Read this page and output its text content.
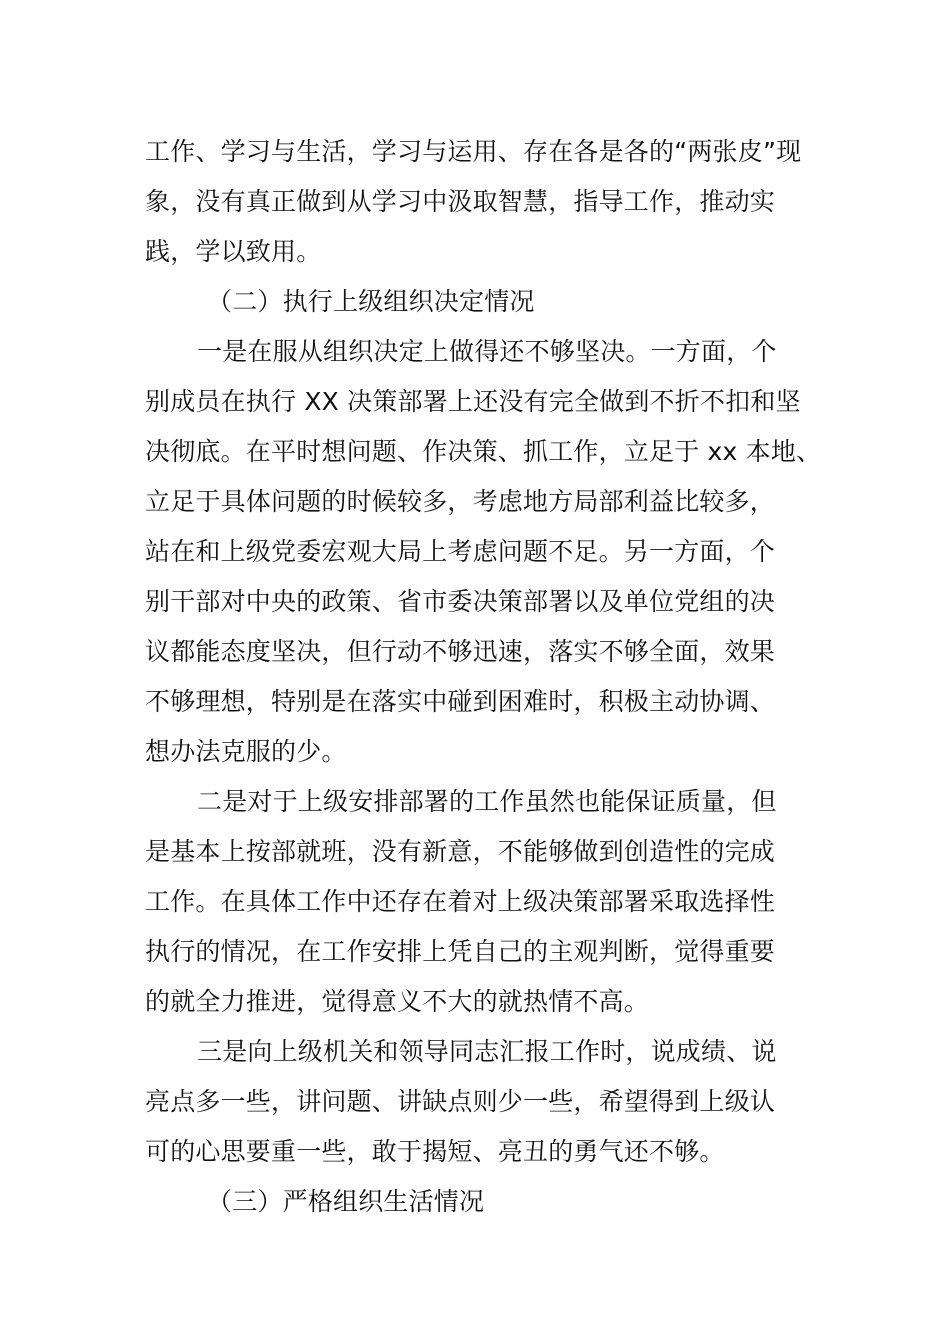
工作、学习与生活，学习与运用、存在各是各的“两张皮”现
象，没有真正做到从学习中汲取智慧，指导工作，推动实
践，学以致用。
（二）执行上级组织决定情况
一是在服从组织决定上做得还不够坚决。一方面，个
别成员在执行 XX 决策部署上还没有完全做到不折不扣和坚
决彻底。在平时想问题、作决策、抓工作，立足于 xx 本地、
立足于具体问题的时候较多，考虑地方局部利益比较多，
站在和上级党委宏观大局上考虑问题不足。另一方面，个
别干部对中央的政策、省市委决策部署以及单位党组的决
议都能态度坚决，但行动不够迅速，落实不够全面，效果
不够理想，特别是在落实中碰到困难时，积极主动协调、
想办法克服的少。
二是对于上级安排部署的工作虽然也能保证质量，但
是基本上按部就班，没有新意，不能够做到创造性的完成
工作。在具体工作中还存在着对上级决策部署采取选择性
执行的情况，在工作安排上凭自己的主观判断，觉得重要
的就全力推进，觉得意义不大的就热情不高。
三是向上级机关和领导同志汇报工作时，说成绩、说
亮点多一些，讲问题、讲缺点则少一些，希望得到上级认
可的心思要重一些，敢于揭短、亮丑的勇气还不够。
（三）严格组织生活情况
